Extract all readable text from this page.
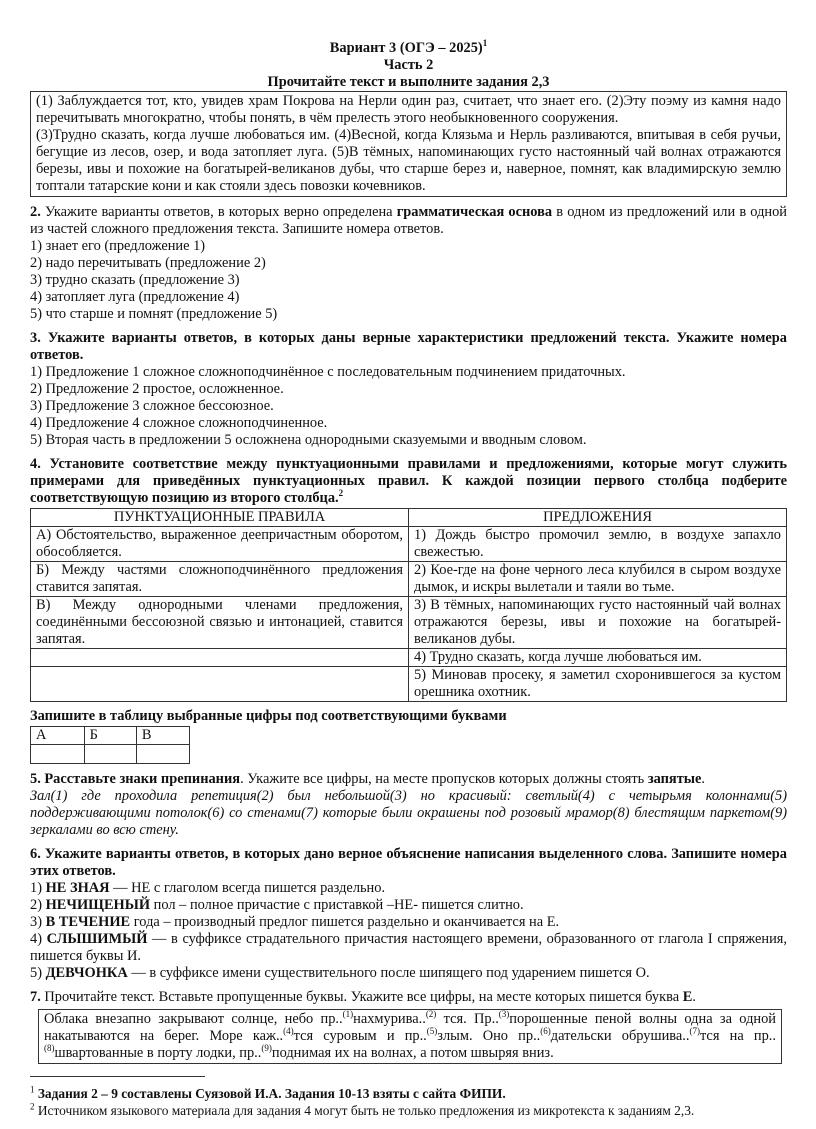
Вариант 3 (ОГЭ – 2025)$^1$
Часть 2
Прочитайте текст и выполните задания 2,3

(1) Заблуждается тот, кто, увидев храм Покрова на Нерли один раз, считает, что знает его. (2)Эту поэму из камня надо перечитывать многократно, чтобы понять, в чём прелесть этого необыкновенного сооружения.

(3)Трудно сказать, когда лучше любоваться им. (4)Весной, когда Клязьма и Нерль разливаются, впитывая в себя ручьи, бегущие из лесов, озер, и вода затопляет луга. (5)В тёмных, напоминающих густо настоянный чай волнах отражаются березы, ивы и похожие на богатырей-великанов дубы, что старше берез и, наверное, помнят, как владимирскую землю топтали татарские кони и как стояли здесь повозки кочевников.

2. Укажите варианты ответов, в которых верно определена грамматическая основа в одном из предложений или в одной из частей сложного предложения текста. Запишите номера ответов.

1) знает его (предложение 1)

2) надо перечитывать (предложение 2)

3) трудно сказать (предложение 3)

4) затопляет луга (предложение 4)

5) что старше и помнят (предложение 5)

3. Укажите варианты ответов, в которых даны верные характеристики предложений текста. Укажите номера ответов.

1) Предложение 1 сложное сложноподчинённое с последовательным подчинением придаточных.

2) Предложение 2 простое, осложненное.

3) Предложение 3 сложное бессоюзное.

4) Предложение 4 сложное сложноподчиненное.

5) Вторая часть в предложении 5 осложнена однородными сказуемыми и вводным словом.

4. Установите соответствие между пунктуационными правилами и предложениями, которые могут служить примерами для приведённых пунктуационных правил. К каждой позиции первого столбца подберите соответствующую позицию из второго столбца.$^2$

ПУНКТУАЦИОННЫЕ ПРАВИЛА	ПРЕДЛОЖЕНИЯ
А) Обстоятельство, выраженное деепричастным оборотом, обособляется.	1) Дождь быстро промочил землю, в воздухе запахло свежестью.
Б) Между частями сложноподчинённого предложения ставится запятая.	2) Кое-где на фоне черного леса клубился в сыром воздухе дымок, и искры вылетали и таяли во тьме.
В) Между однородными членами предложения, соединёнными бессоюзной связью и интонацией, ставится запятая.	3) В тёмных, напоминающих густо настоянный чай волнах отражаются березы, ивы и похожие на богатырей-великанов дубы.
	4) Трудно сказать, когда лучше любоваться им.
	5) Миновав просеку, я заметил схоронившегося за кустом орешника охотник.

Запишите в таблицу выбранные цифры под соответствующими буквами

А	Б	В

5. Расставьте знаки препинания. Укажите все цифры, на месте пропусков которых должны стоять запятые.

Зал(1) где проходила репетиция(2) был небольшой(3) но красивый: светлый(4) с четырьмя колоннами(5) поддерживающими потолок(6) со стенами(7) которые были окрашены под розовый мрамор(8) блестящим паркетом(9) зеркалами во всю стену.

6. Укажите варианты ответов, в которых дано верное объяснение написания выделенного слова. Запишите номера этих ответов.

1) НЕ ЗНАЯ — НЕ с глаголом всегда пишется раздельно.

2) НЕЧИЩЕНЫЙ пол – полное причастие с приставкой –НЕ- пишется слитно.

3) В ТЕЧЕНИЕ года – производный предлог пишется раздельно и оканчивается на Е.

4) СЛЫШИМЫЙ — в суффиксе страдательного причастия настоящего времени, образованного от глагола I спряжения, пишется буквы И.

5) ДЕВЧОНКА — в суффиксе имени существительного после шипящего под ударением пишется О.

7. Прочитайте текст. Вставьте пропущенные буквы. Укажите все цифры, на месте которых пишется буква Е.

Облака внезапно закрывают солнце, небо пр..$^{(1)}$нахмурива..$^{(2)}$ тся. Пр..$^{(3)}$порошенные пеной волны одна за одной накатываются на берег. Море каж..$^{(4)}$тся суровым и пр..$^{(5)}$злым. Оно пр..$^{(6)}$дательски обрушива..$^{(7)}$тся на пр..$^{(8)}$швартованные в порту лодки, пр..$^{(9)}$поднимая их на волнах, а потом швыряя вниз.

$^1$ Задания 2 – 9 составлены Суязовой И.А. Задания 10-13 взяты с сайта ФИПИ.

$^2$ Источником языкового материала для задания 4 могут быть не только предложения из микротекста к заданиям 2,3.
